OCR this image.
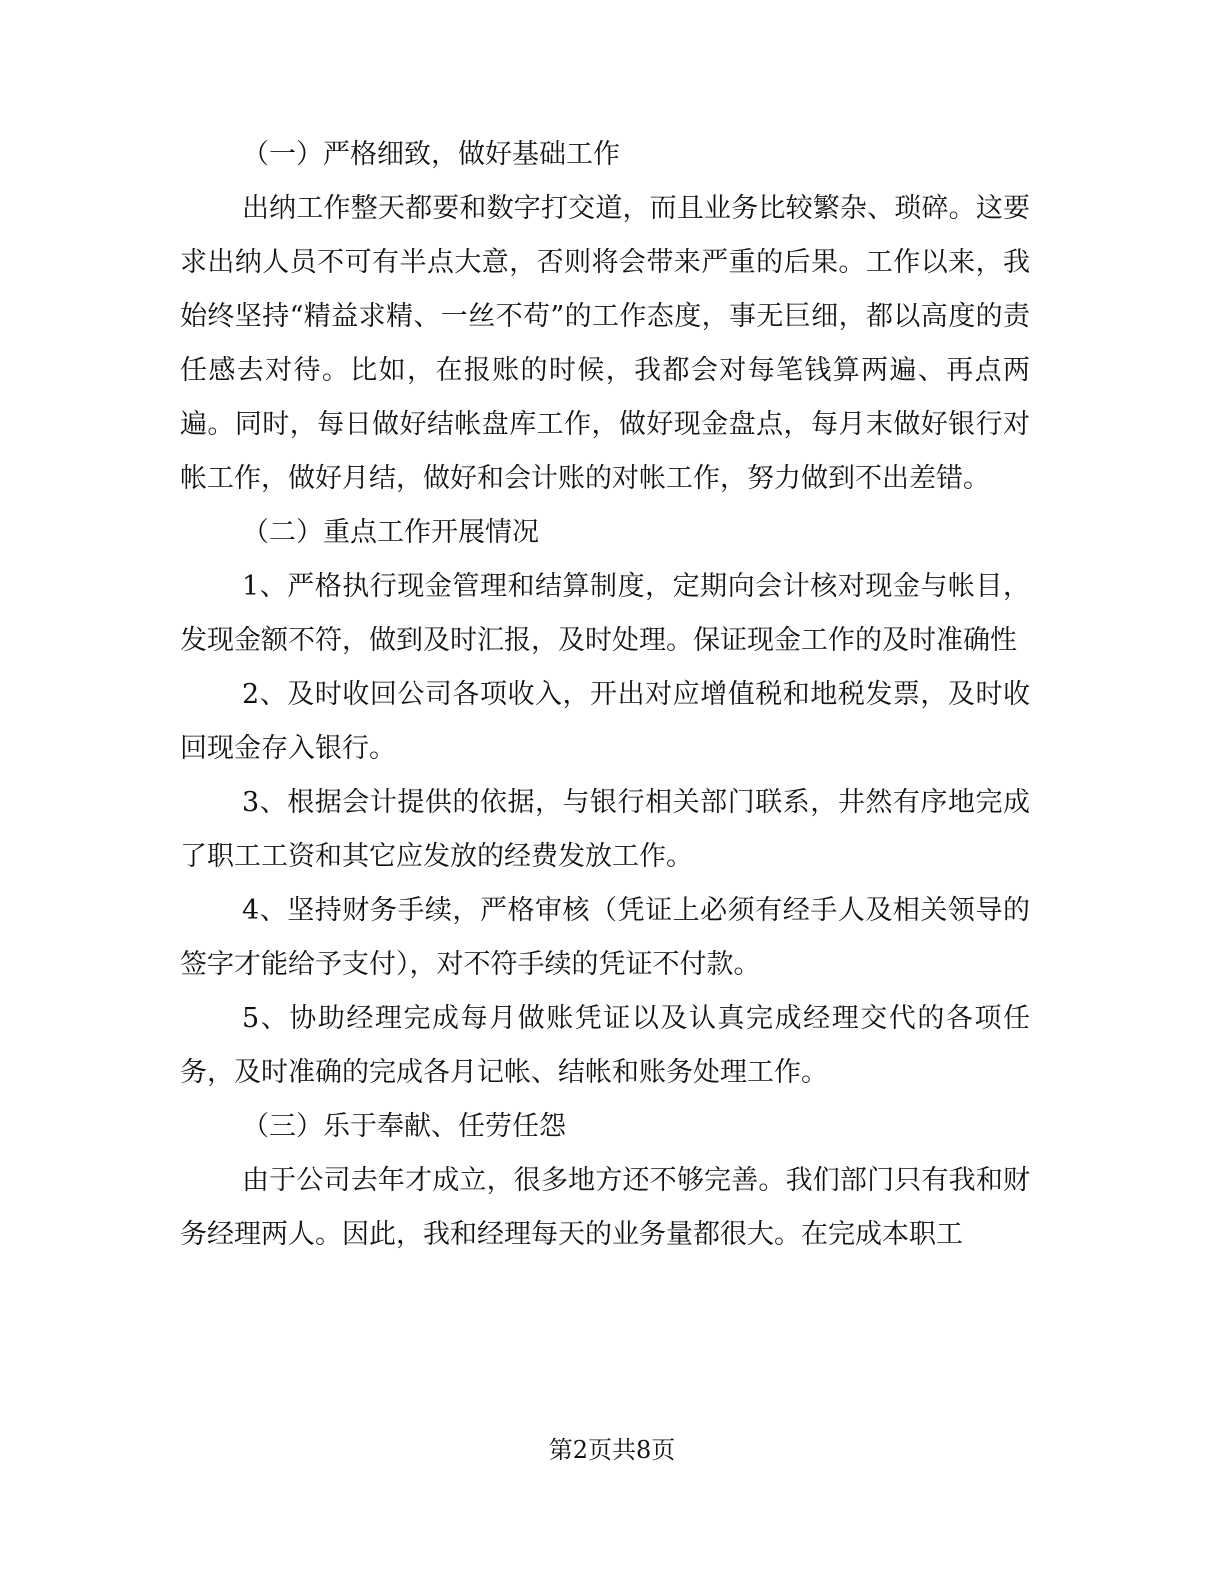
（一）严格细致，做好基础工作

出纳工作整天都要和数字打交道，而且业务比较繁杂、琐碎。这要求出纳人员不可有半点大意，否则将会带来严重的后果。工作以来，我始终坚持“精益求精、一丝不苟”的工作态度，事无巨细，都以高度的责任感去对待。比如，在报账的时候，我都会对每笔钱算两遍、再点两遍。同时，每日做好结帐盘库工作，做好现金盘点，每月末做好银行对帐工作，做好月结，做好和会计账的对帐工作，努力做到不出差错。

（二）重点工作开展情况

1、严格执行现金管理和结算制度，定期向会计核对现金与帐目，发现金额不符，做到及时汇报，及时处理。保证现金工作的及时准确性

2、及时收回公司各项收入，开出对应增值税和地税发票，及时收回现金存入银行。

3、根据会计提供的依据，与银行相关部门联系，井然有序地完成了职工工资和其它应发放的经费发放工作。

4、坚持财务手续，严格审核（凭证上必须有经手人及相关领导的签字才能给予支付），对不符手续的凭证不付款。

5、协助经理完成每月做账凭证以及认真完成经理交代的各项任务，及时准确的完成各月记帐、结帐和账务处理工作。

（三）乐于奉献、任劳任怨

由于公司去年才成立，很多地方还不够完善。我们部门只有我和财务经理两人。因此，我和经理每天的业务量都很大。在完成本职工

第2页共8页
